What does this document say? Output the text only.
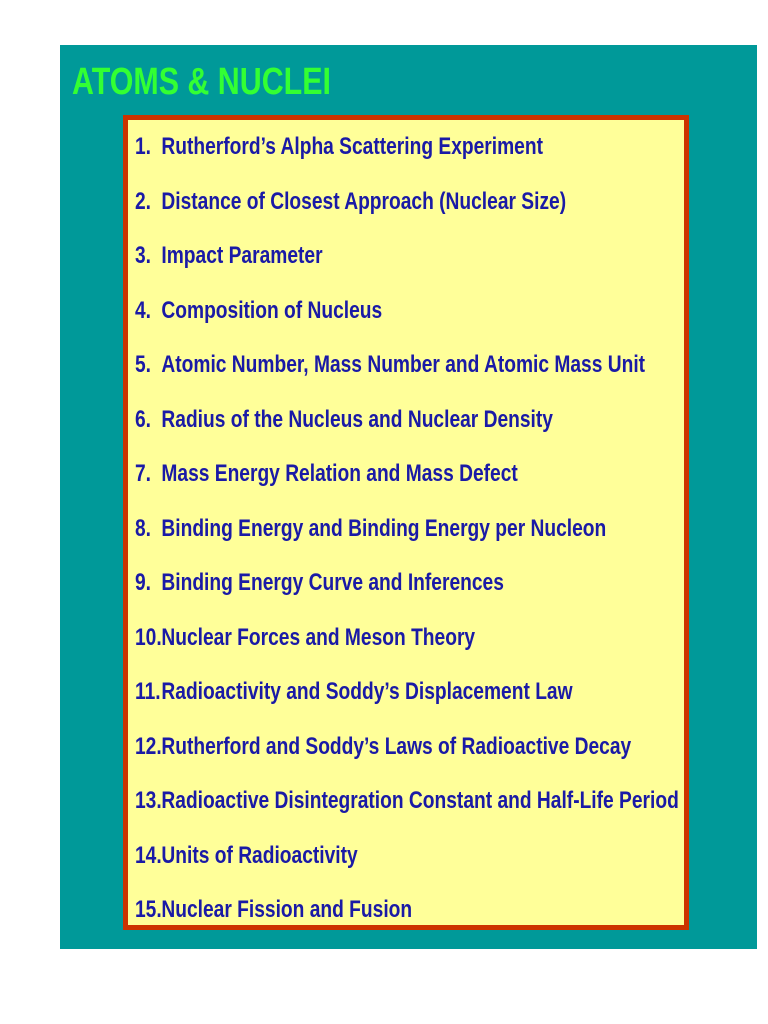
ATOMS & NUCLEI
1. Rutherford’s Alpha Scattering Experiment
2. Distance of Closest Approach (Nuclear Size)
3. Impact Parameter
4. Composition of Nucleus
5. Atomic Number, Mass Number and Atomic Mass Unit
6. Radius of the Nucleus and Nuclear Density
7. Mass Energy Relation and Mass Defect
8. Binding Energy and Binding Energy per Nucleon
9. Binding Energy Curve and Inferences
10.Nuclear Forces and Meson Theory
11.Radioactivity and Soddy’s Displacement Law
12.Rutherford and Soddy’s Laws of Radioactive Decay
13.Radioactive Disintegration Constant and Half-Life Period
14.Units of Radioactivity
15.Nuclear Fission and Fusion
